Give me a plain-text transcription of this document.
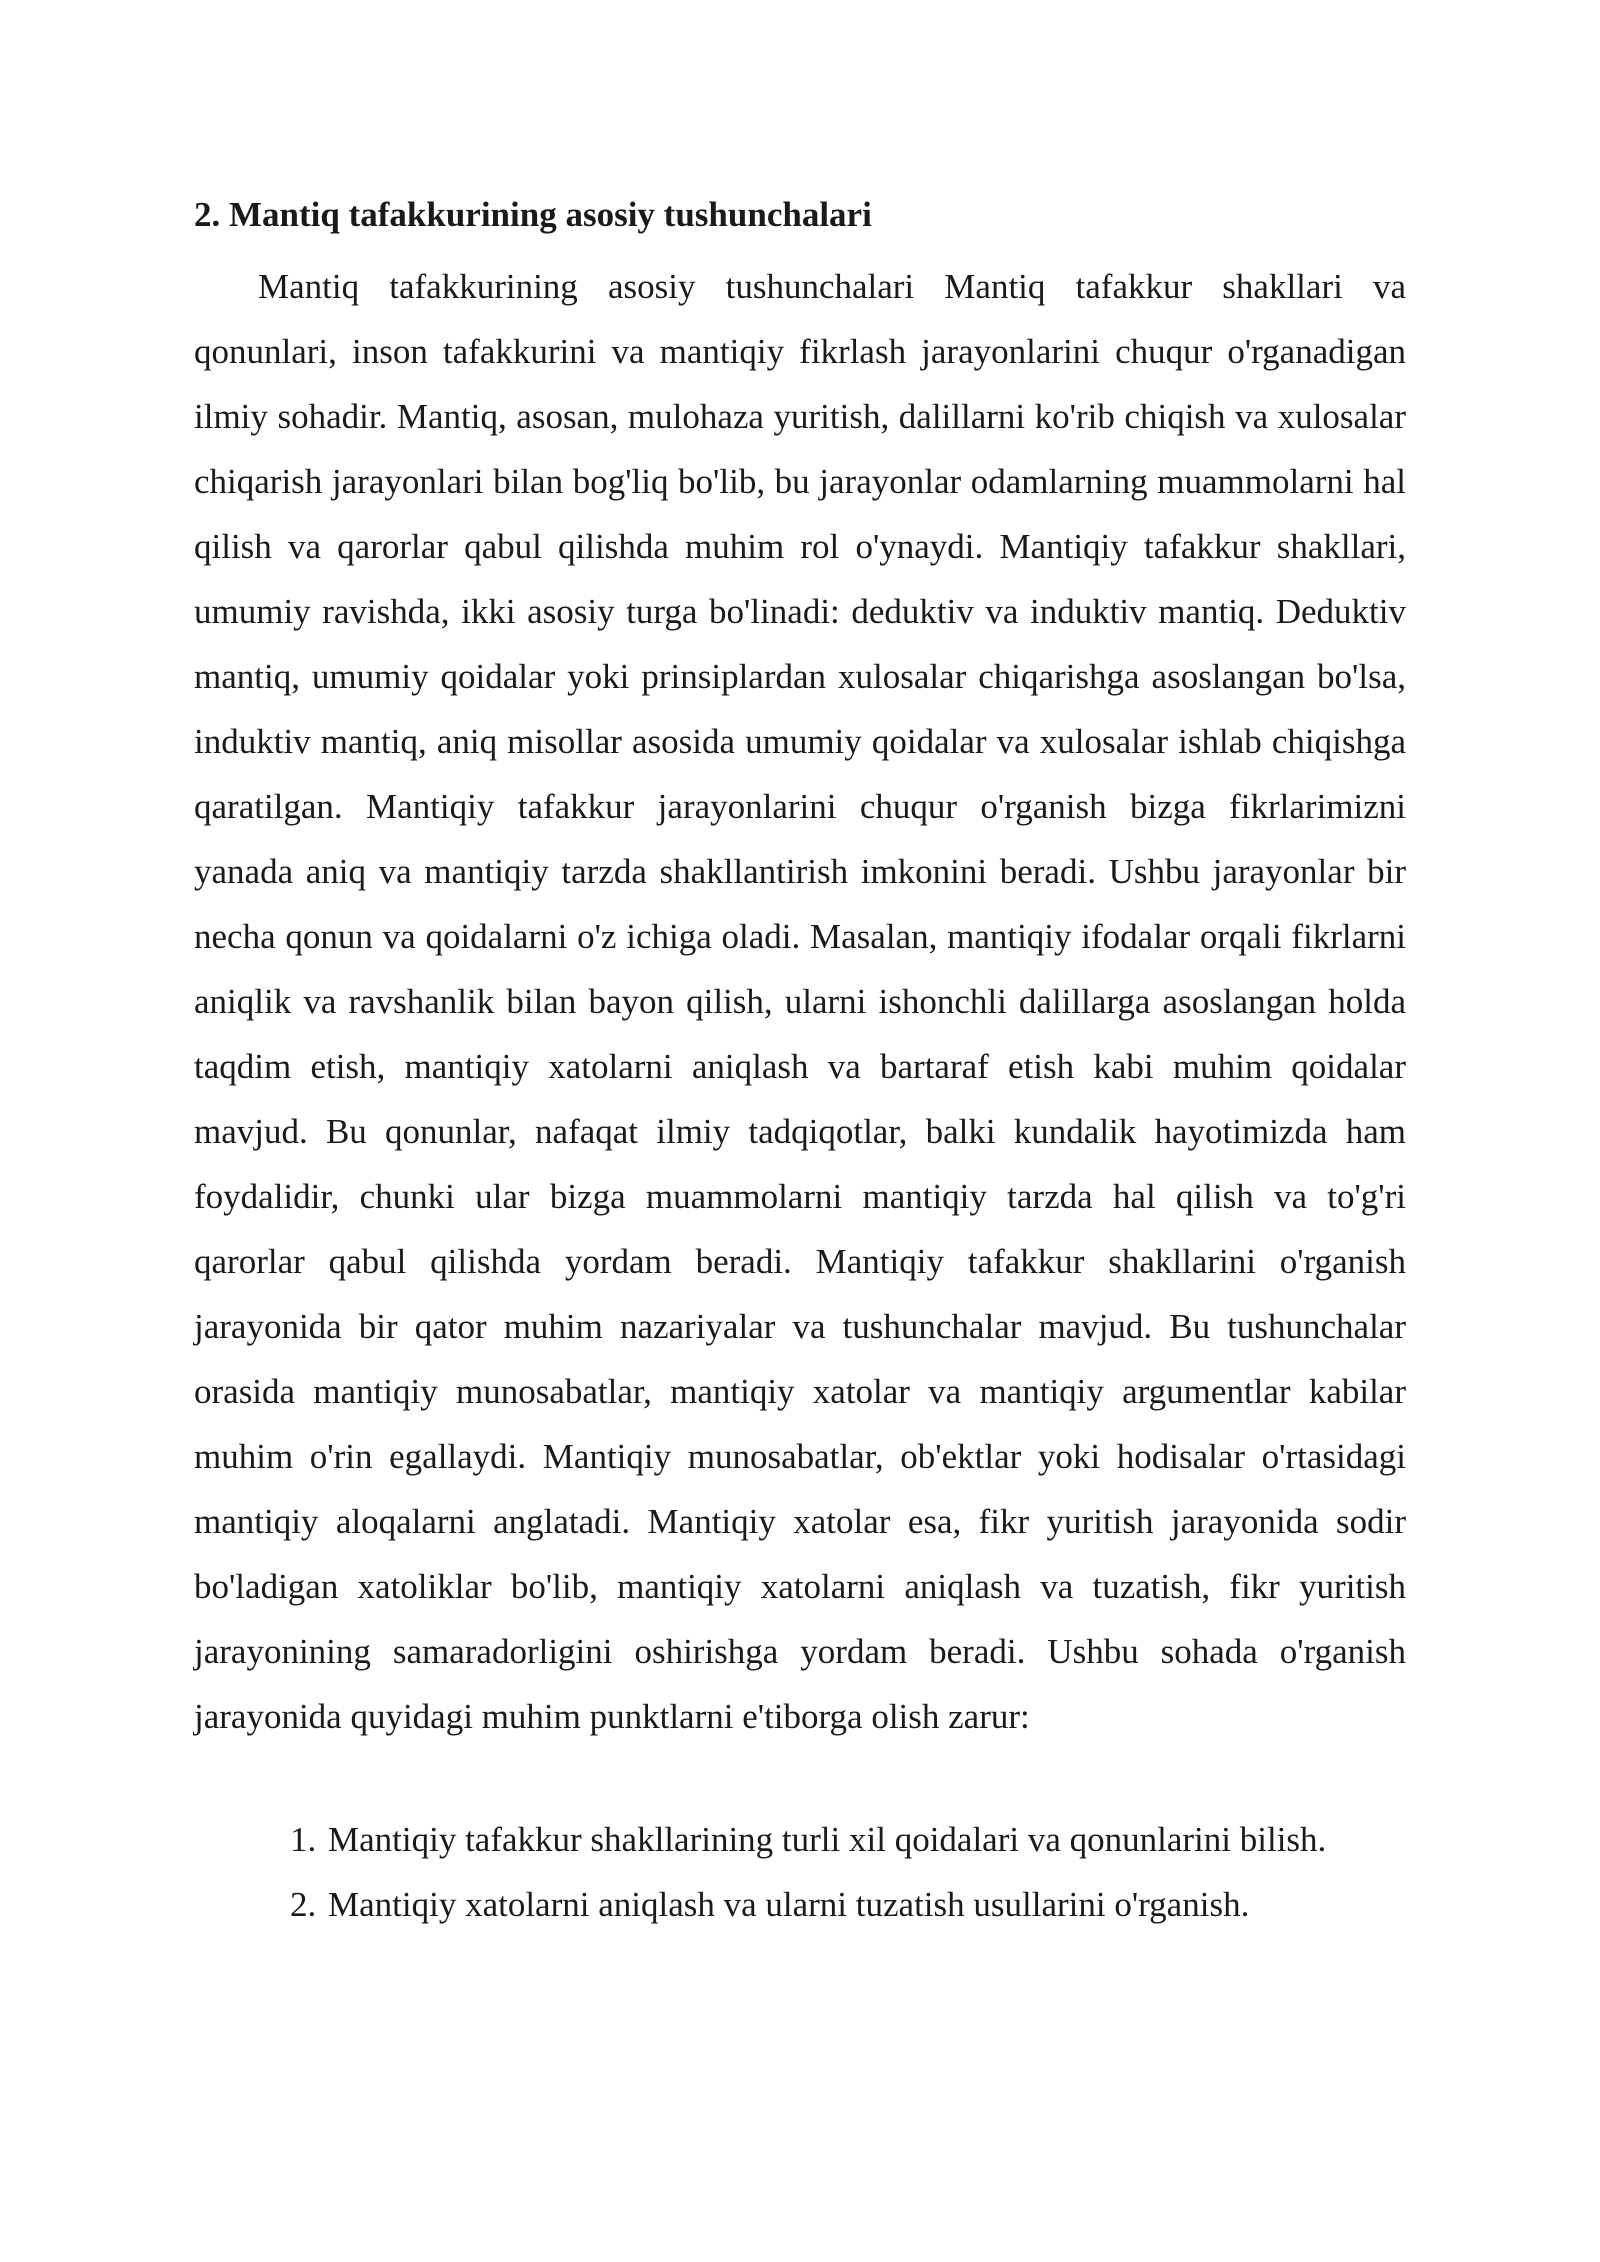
2. Mantiq tafakkurining asosiy tushunchalari

Mantiq tafakkurining asosiy tushunchalari Mantiq tafakkur shakllari va qonunlari, inson tafakkurini va mantiqiy fikrlash jarayonlarini chuqur o'rganadigan ilmiy sohadir. Mantiq, asosan, mulohaza yuritish, dalillarni ko'rib chiqish va xulosalar chiqarish jarayonlari bilan bog'liq bo'lib, bu jarayonlar odamlarning muammolarni hal qilish va qarorlar qabul qilishda muhim rol o'ynaydi. Mantiqiy tafakkur shakllari, umumiy ravishda, ikki asosiy turga bo'linadi: deduktiv va induktiv mantiq. Deduktiv mantiq, umumiy qoidalar yoki prinsiplardan xulosalar chiqarishga asoslangan bo'lsa, induktiv mantiq, aniq misollar asosida umumiy qoidalar va xulosalar ishlab chiqishga qaratilgan. Mantiqiy tafakkur jarayonlarini chuqur o'rganish bizga fikrlarimizni yanada aniq va mantiqiy tarzda shakllantirish imkonini beradi. Ushbu jarayonlar bir necha qonun va qoidalarni o'z ichiga oladi. Masalan, mantiqiy ifodalar orqali fikrlarni aniqlik va ravshanlik bilan bayon qilish, ularni ishonchli dalillarga asoslangan holda taqdim etish, mantiqiy xatolarni aniqlash va bartaraf etish kabi muhim qoidalar mavjud. Bu qonunlar, nafaqat ilmiy tadqiqotlar, balki kundalik hayotimizda ham foydalidir, chunki ular bizga muammolarni mantiqiy tarzda hal qilish va to'g'ri qarorlar qabul qilishda yordam beradi. Mantiqiy tafakkur shakllarini o'rganish jarayonida bir qator muhim nazariyalar va tushunchalar mavjud. Bu tushunchalar orasida mantiqiy munosabatlar, mantiqiy xatolar va mantiqiy argumentlar kabilar muhim o'rin egallaydi. Mantiqiy munosabatlar, ob'ektlar yoki hodisalar o'rtasidagi mantiqiy aloqalarni anglatadi. Mantiqiy xatolar esa, fikr yuritish jarayonida sodir bo'ladigan xatoliklar bo'lib, mantiqiy xatolarni aniqlash va tuzatish, fikr yuritish jarayonining samaradorligini oshirishga yordam beradi. Ushbu sohada o'rganish jarayonida quyidagi muhim punktlarni e'tiborga olish zarur:

1. Mantiqiy tafakkur shakllarining turli xil qoidalari va qonunlarini bilish.
2. Mantiqiy xatolarni aniqlash va ularni tuzatish usullarini o'rganish.
